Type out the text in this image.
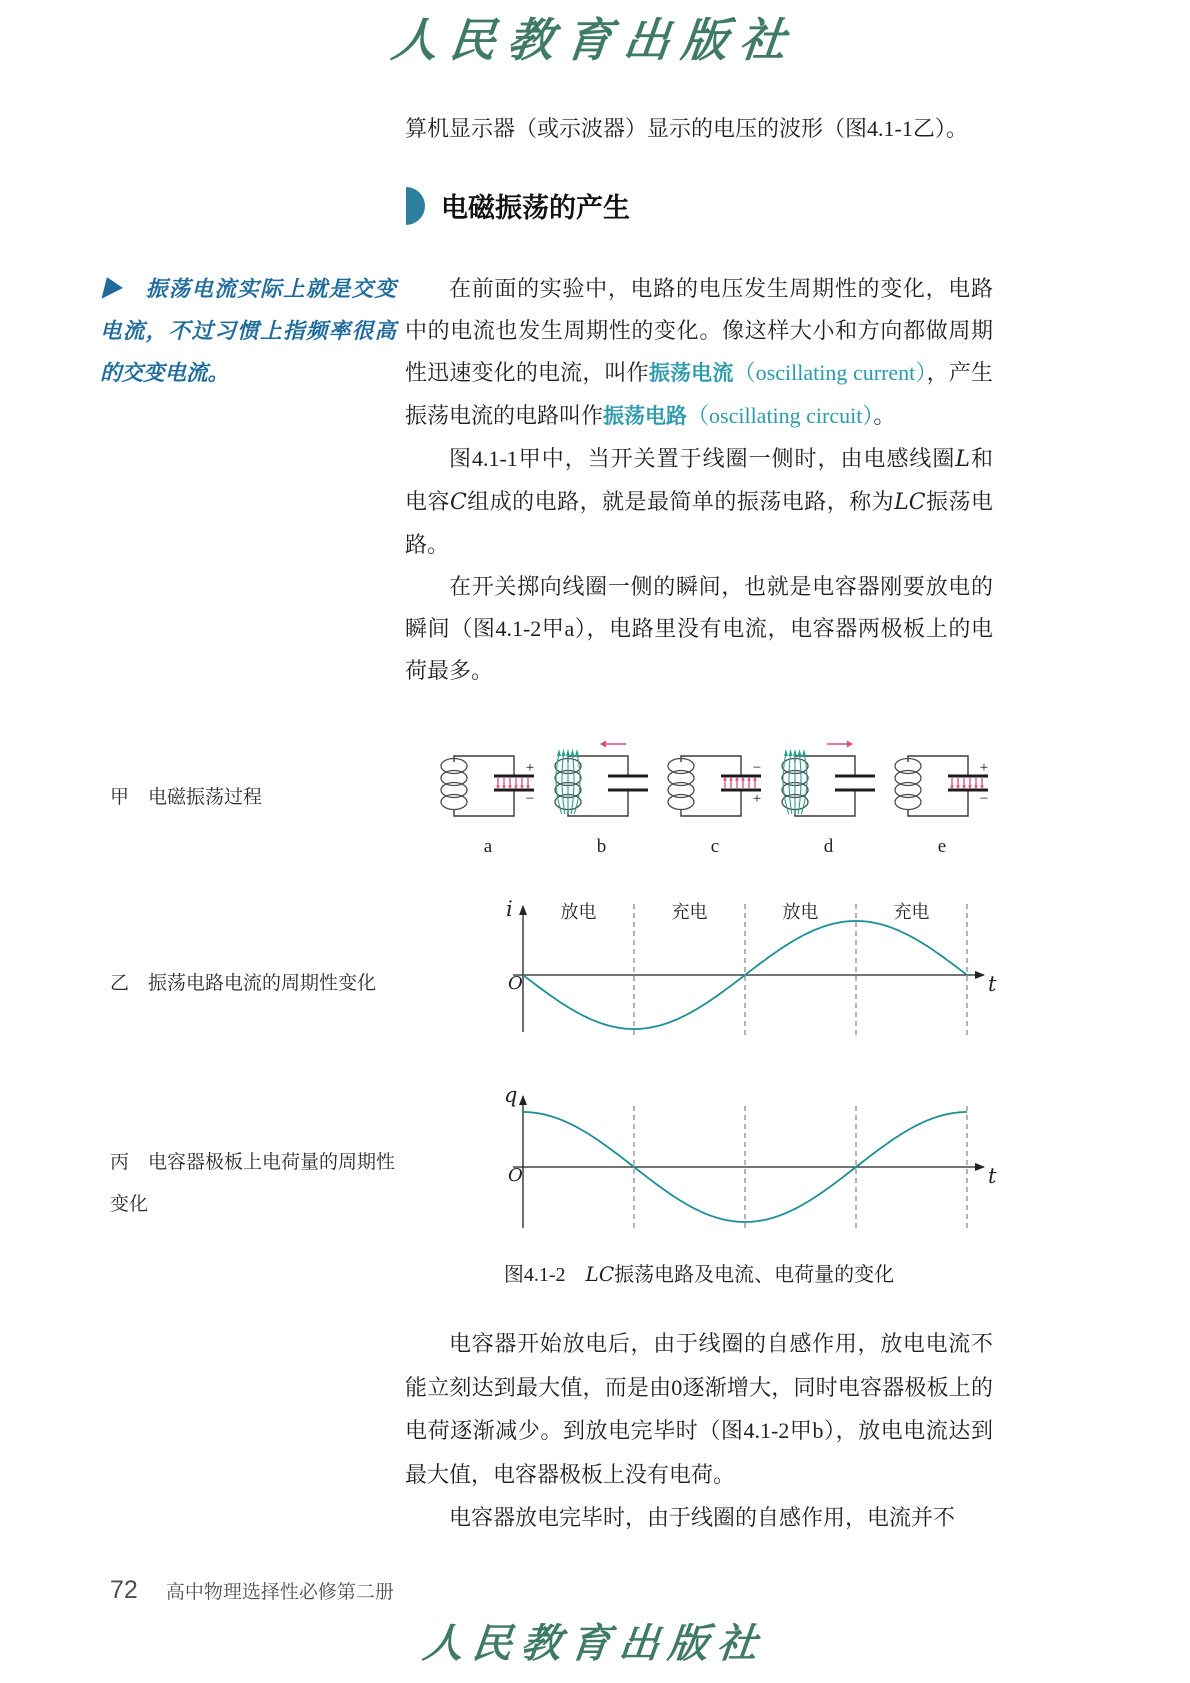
人民教育出版社
算机显示器（或示波器）显示的电压的波形（图4.1-1乙）。
电磁振荡的产生
▶　振荡电流实际上就是交变电流，不过习惯上指频率很高的交变电流。

在前面的实验中，电路的电压发生周期性的变化，电路中的电流也发生周期性的变化。像这样大小和方向都做周期性迅速变化的电流，叫作振荡电流（oscillating current），产生振荡电流的电路叫作振荡电路（oscillating circuit）。

图4.1-1甲中，当开关置于线圈一侧时，由电感线圈L和电容C组成的电路，就是最简单的振荡电路，称为LC振荡电路。

在开关掷向线圈一侧的瞬间，也就是电容器刚要放电的瞬间（图4.1-2甲a），电路里没有电流，电容器两极板上的电荷最多。

甲　电磁振荡过程
+
−
−
+
+
−
a	b	c	d	e
乙　振荡电路电流的周期性变化
i
O	t
放电	充电	放电	充电
丙　电容器极板上电荷量的周期性变化
q
O	t
图4.1-2　LC振荡电路及电流、电荷量的变化

电容器开始放电后，由于线圈的自感作用，放电电流不能立刻达到最大值，而是由0逐渐增大，同时电容器极板上的电荷逐渐减少。到放电完毕时（图4.1-2甲b），放电电流达到最大值，电容器极板上没有电荷。

电容器放电完毕时，由于线圈的自感作用，电流并不

72 高中物理选择性必修第二册
人民教育出版社
